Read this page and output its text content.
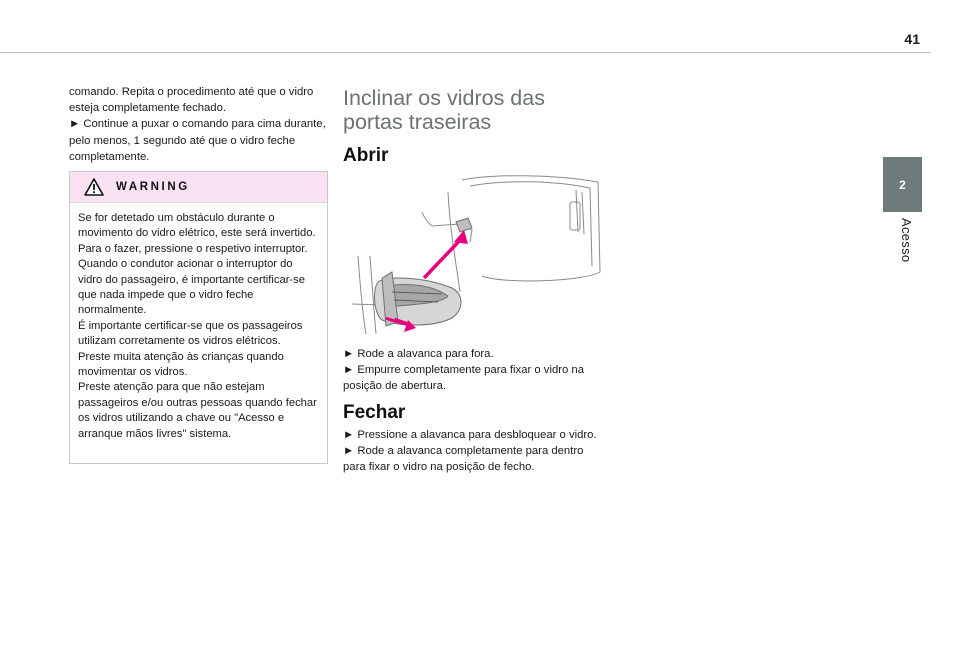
41
2
Acesso

comando. Repita o procedimento até que o vidro esteja completamente fechado.

► Continue a puxar o comando para cima durante, pelo menos, 1 segundo até que o vidro feche completamente.

WARNING

Se for detetado um obstáculo durante o movimento do vidro elétrico, este será invertido. Para o fazer, pressione o respetivo interruptor.

Quando o condutor acionar o interruptor do vidro do passageiro, é importante certificar-se que nada impede que o vidro feche normalmente.

É importante certificar-se que os passageiros utilizam corretamente os vidros elétricos.

Preste muita atenção às crianças quando movimentar os vidros.

Preste atenção para que não estejam passageiros e/ou outras pessoas quando fechar os vidros utilizando a chave ou "Acesso e arranque mãos livres" sistema.

Inclinar os vidros das portas traseiras
Abrir

► Rode a alavanca para fora.

► Empurre completamente para fixar o vidro na posição de abertura.

Fechar

► Pressione a alavanca para desbloquear o vidro.

► Rode a alavanca completamente para dentro para fixar o vidro na posição de fecho.
